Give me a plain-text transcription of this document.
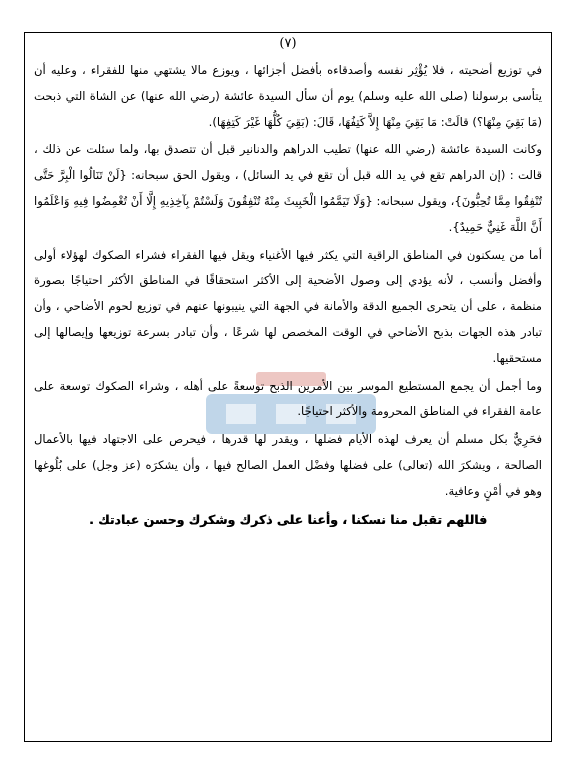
(٧)

في توزيع أضحيته ، فلا يُؤْثِر نفسه وأصدقاءه بأفضل أجزائها ، ويوزع مالا يشتهي منها للفقراء ، وعليه أن يتأسى برسولنا (صلى الله عليه وسلم) يوم أن سأل السيدة عائشة (رضي الله عنها) عن الشاة التي ذبحت (مَا بَقِيَ مِنْهَا؟) قالَتْ: مَا بَقِيَ مِنْهَا إِلاَّ كَتِفُهَا، قَالَ: (بَقِيَ كُلُّهَا غَيْرَ كَتِفِهَا).

وكانت السيدة عائشة (رضي الله عنها) تطيب الدراهم والدنانير قبل أن تتصدق بها، ولما سئلت عن ذلك ، قالت : (إن الدراهم تقع في يد الله قبل أن تقع في يد السائل) ، ويقول الحق سبحانه: {لَنْ تَنَالُوا الْبِرَّ حَتَّى تُنْفِقُوا مِمَّا تُحِبُّونَ}، ويقول سبحانه: {وَلَا تَيَمَّمُوا الْخَبِيثَ مِنْهُ تُنْفِقُونَ وَلَسْتُمْ بِآخِذِيهِ إِلَّا أَنْ تُغْمِضُوا فِيهِ وَاعْلَمُوا أَنَّ اللَّهَ غَنِيٌّ حَمِيدٌ}.

أما من يسكنون في المناطق الراقية التي يكثر فيها الأغنياء ويقل فيها الفقراء فشراء الصكوك لهؤلاء أولى وأفضل وأنسب ، لأنه يؤدي إلى وصول الأضحية إلى الأكثر استحقاقًا في المناطق الأكثر احتياجًا بصورة منظمة ، على أن يتحرى الجميع الدقة والأمانة في الجهة التي ينيبونها عنهم في توزيع لحوم الأضاحي ، وأن تبادر هذه الجهات بذبح الأضاحي في الوقت المخصص لها شرعًا ، وأن تبادر بسرعة توزيعها وإيصالها إلى مستحقيها.

وما أجمل أن يجمع المستطيع الموسر بين الأمرين الذبح توسعةً على أهله ، وشراء الصكوك توسعة على عامة الفقراء في المناطق المحرومة والأكثر احتياجًا.

فحَرِيٌّ بكل مسلم أن يعرف لهذه الأيام فضلها ، ويقدر لها قدرها ، فيحرص على الاجتهاد فيها بالأعمال الصالحة ، ويشكرَ الله (تعالى) على فضلها وفضْل العمل الصالح فيها ، وأن يشكرَه (عز وجل) على بُلُوغها وهو في أمْنٍ وعافية.

فاللهم تقبل منا نسكنا ، وأعنا على ذكرك وشكرك وحسن عبادتك .
